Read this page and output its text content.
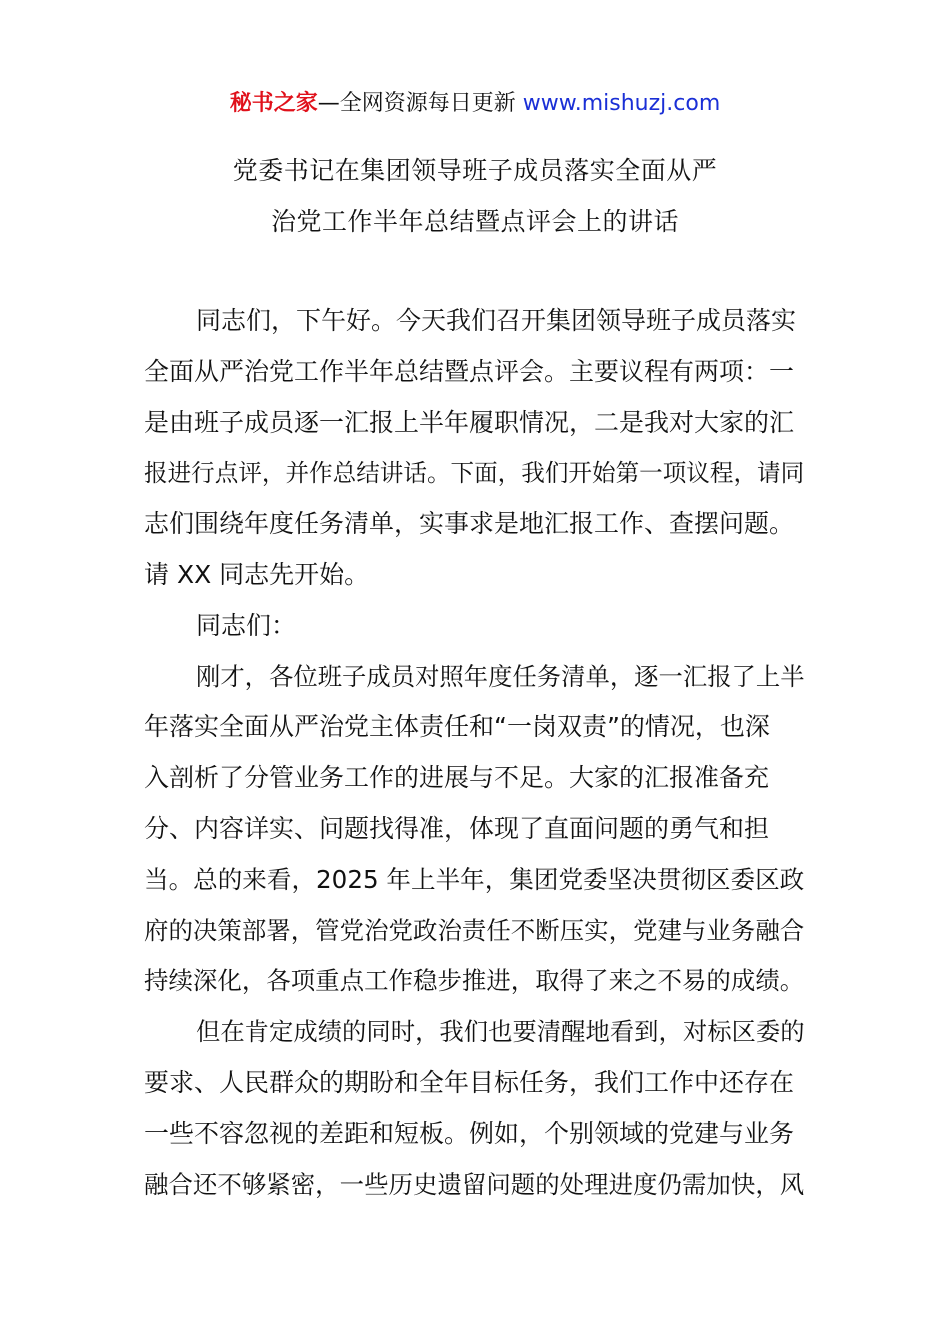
秘书之家—全网资源每日更新 www.mishuzj.com
党委书记在集团领导班子成员落实全面从严
治党工作半年总结暨点评会上的讲话
同志们，下午好。今天我们召开集团领导班子成员落实
全面从严治党工作半年总结暨点评会。主要议程有两项：一
是由班子成员逐一汇报上半年履职情况，二是我对大家的汇
报进行点评，并作总结讲话。下面，我们开始第一项议程，请同
志们围绕年度任务清单，实事求是地汇报工作、查摆问题。
请 XX 同志先开始。
同志们：
刚才，各位班子成员对照年度任务清单，逐一汇报了上半
年落实全面从严治党主体责任和“一岗双责”的情况，也深
入剖析了分管业务工作的进展与不足。大家的汇报准备充
分、内容详实、问题找得准，体现了直面问题的勇气和担
当。总的来看，2025 年上半年，集团党委坚决贯彻区委区政
府的决策部署，管党治党政治责任不断压实，党建与业务融合
持续深化，各项重点工作稳步推进，取得了来之不易的成绩。
但在肯定成绩的同时，我们也要清醒地看到，对标区委的
要求、人民群众的期盼和全年目标任务，我们工作中还存在
一些不容忽视的差距和短板。例如，个别领域的党建与业务
融合还不够紧密，一些历史遗留问题的处理进度仍需加快，风
